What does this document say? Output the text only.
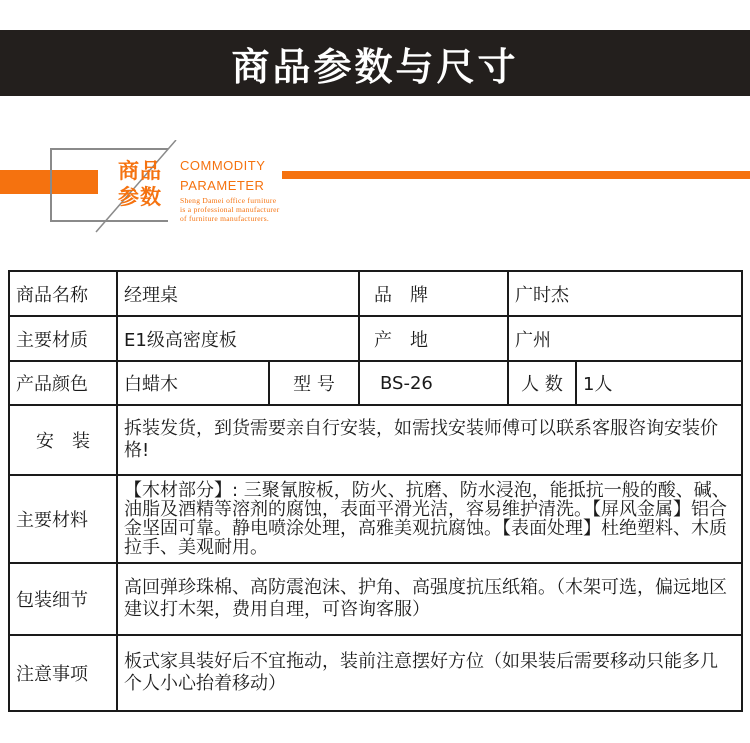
商品参数与尺寸
商品
参数
COMMODITY
PARAMETER
Sheng Damei office furniture
is a professional manufacturer
of furniture manufacturers.
商品名称	经理桌		品　牌	广时杰	
主要材质	E1级高密度板		产　地	广州	
产品颜色	白蜡木	型 号	BS-26	人 数	1人
安　装	拆装发货，到货需要亲自行安装，如需找安装师傅可以联系客服咨询安装价格!				
主要材料	【木材部分】: 三聚氰胺板，防火、抗磨、防水浸泡，能抵抗一般的酸、碱、油脂及酒精等溶剂的腐蚀，表面平滑光洁，容易维护清洗。【屏风金属】铝合金坚固可靠。静电喷涂处理，高雅美观抗腐蚀。【表面处理】杜绝塑料、木质拉手、美观耐用。				
包装细节	高回弹珍珠棉、高防震泡沫、护角、高强度抗压纸箱。（木架可选，偏远地区建议打木架，费用自理，可咨询客服）				
注意事项	板式家具装好后不宜拖动，装前注意摆好方位（如果装后需要移动只能多几个人小心抬着移动）				
